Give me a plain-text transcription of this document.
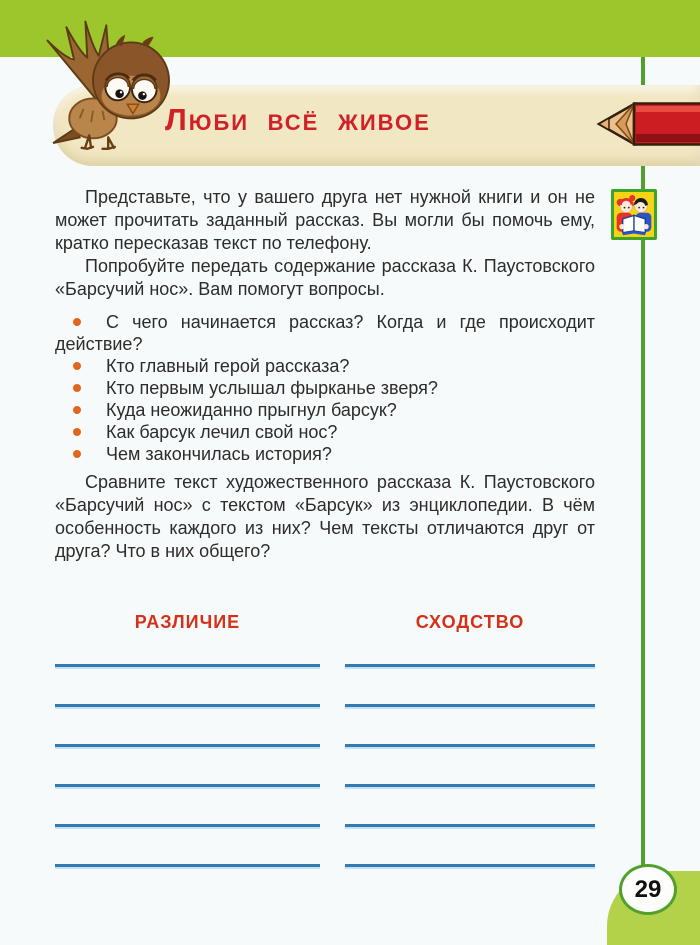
Люби всё живое

Представьте, что у вашего друга нет нужной книги и он не может прочитать заданный рассказ. Вы могли бы помочь ему, кратко пересказав текст по телефону.

Попробуйте передать содержание рассказа К. Паустовского «Барсучий нос». Вам помогут вопросы.

С чего начинается рассказ? Когда и где происходит действие?
Кто главный герой рассказа?
Кто первым услышал фырканье зверя?
Куда неожиданно прыгнул барсук?
Как барсук лечил свой нос?
Чем закончилась история?

Сравните текст художественного рассказа К. Паустовского «Барсучий нос» с текстом «Барсук» из энциклопедии. В чём особенность каждого из них? Чем тексты отличаются друг от друга? Что в них общего?

РАЗЛИЧИЕ	СХОДСТВО
29
